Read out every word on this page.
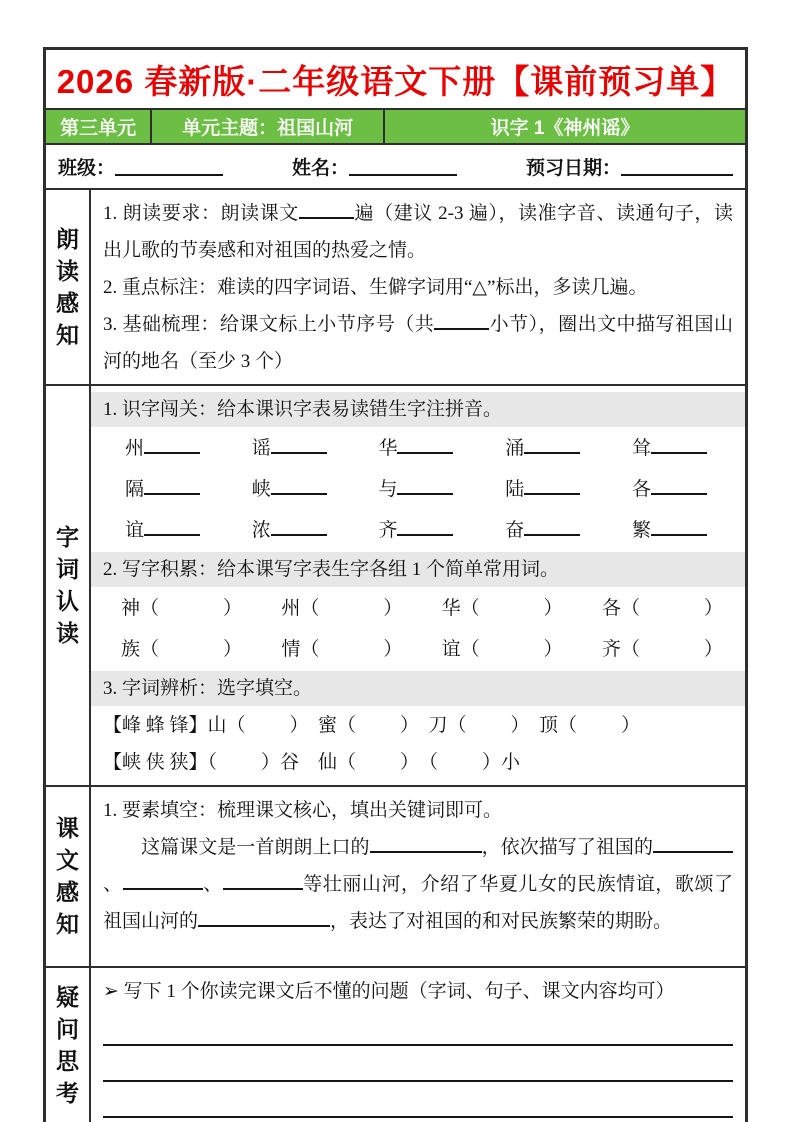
2026 春新版·二年级语文下册【课前预习单】
第三单元	单元主题：祖国山河	识字 1《神州谣》
班级：	姓名：	预习日期：
朗
读
感
知
1. 朗读要求：朗读课文	遍（建议 2-3 遍），读准字音、读通句子，读出儿歌的节奏感和对祖国的热爱之情。
2. 重点标注：难读的四字词语、生僻字词用“△”标出，多读几遍。
3. 基础梳理：给课文标上小节序号（共	小节），圈出文中描写祖国山河的地名（至少 3 个）
字
词
认
读
1. 识字闯关：给本课识字表易读错生字注拼音。
州	谣	华	涌	耸
隔	峡	与	陆	各
谊	浓	齐	奋	繁
2. 写字积累：给本课写字表生字各组 1 个简单常用词。
神（	） 州（	） 华（	） 各（	）
族（	） 情（	） 谊（	） 齐（	）
3. 字词辨析：选字填空。
【峰 蜂 锋】山（ ）　蜜（ ）　刀（ ）　顶（ ）
【峡 侠 狭】（ ）谷　仙（ ）　（ ）小
课
文
感
知
1. 要素填空：梳理课文核心，填出关键词即可。
　　这篇课文是一首朗朗上口的	，依次描写了祖国的、	、	等壮丽山河，介绍了华夏儿女的民族情谊，歌颂了祖国山河的	，表达了对祖国的和对民族繁荣的期盼。
疑
问
思
考
➢ 写下 1 个你读完课文后不懂的问题（字词、句子、课文内容均可）
